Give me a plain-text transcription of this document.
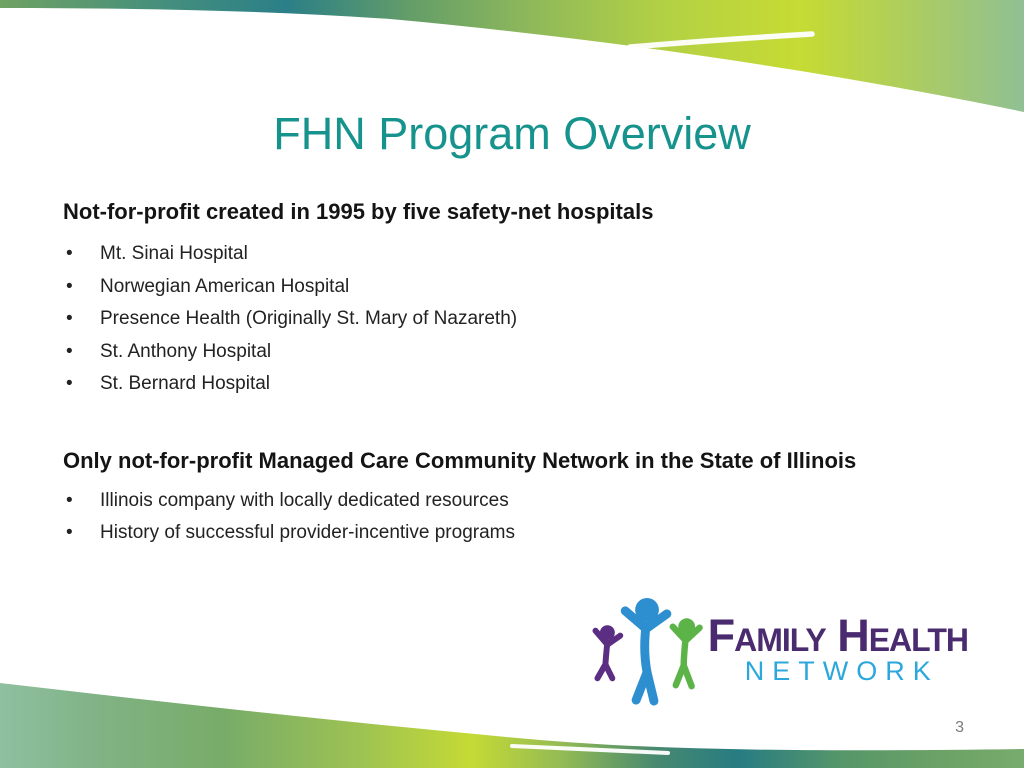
FHN Program Overview
Not-for-profit created in 1995 by five safety-net hospitals
• Mt. Sinai Hospital
• Norwegian American Hospital
• Presence Health (Originally St. Mary of Nazareth)
• St. Anthony Hospital
• St. Bernard Hospital
Only not-for-profit Managed Care Community Network in the State of Illinois
• Illinois company with locally dedicated resources
• History of successful provider-incentive programs
Family Health
NETWORK
3
